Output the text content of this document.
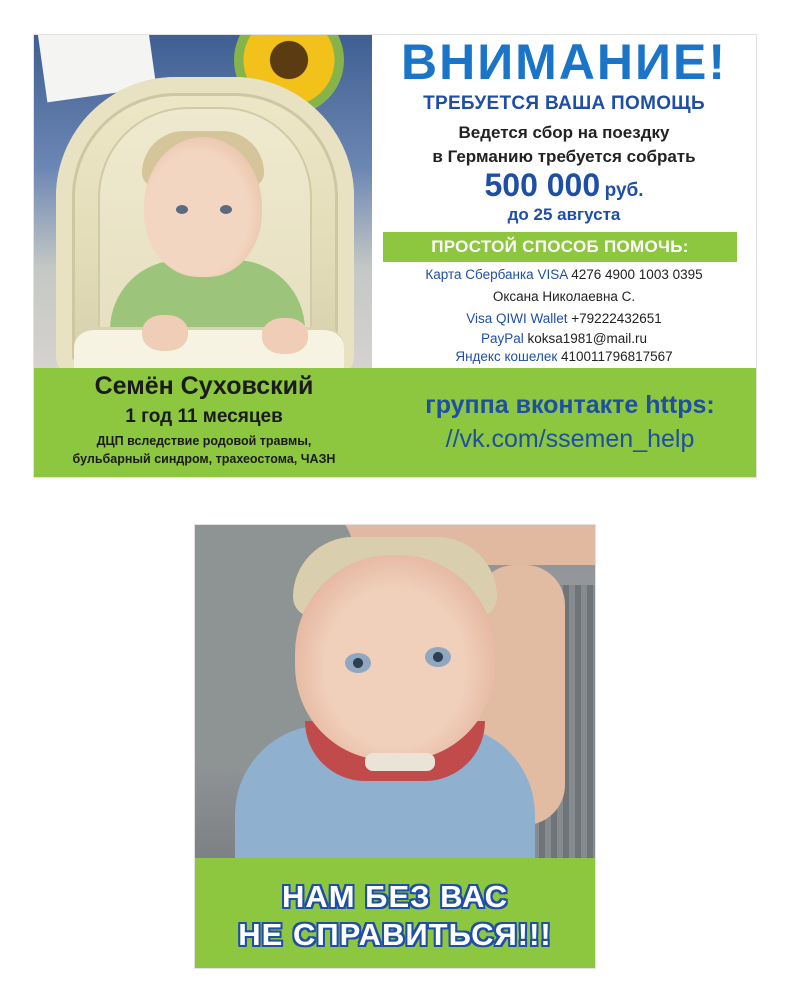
ВНИМАНИЕ!
ТРЕБУЕТСЯ ВАША ПОМОЩЬ
Ведется сбор на поездку
в Германию требуется собрать
500 000 руб.
до 25 августа
ПРОСТОЙ СПОСОБ ПОМОЧЬ:
Карта Сбербанка VISA 4276 4900 1003 0395
Оксана Николаевна С.
Visa QIWI Wallet +79222432651
PayPal koksa1981@mail.ru
Яндекс кошелек 410011796817567
Семён Суховский
1 год 11 месяцев
ДЦП вследствие родовой травмы,
бульбарный синдром, трахеостома, ЧАЗН
группа вконтакте https:
//vk.com/ssemen_help
НАМ БЕЗ ВАС
НЕ СПРАВИТЬСЯ!!!
